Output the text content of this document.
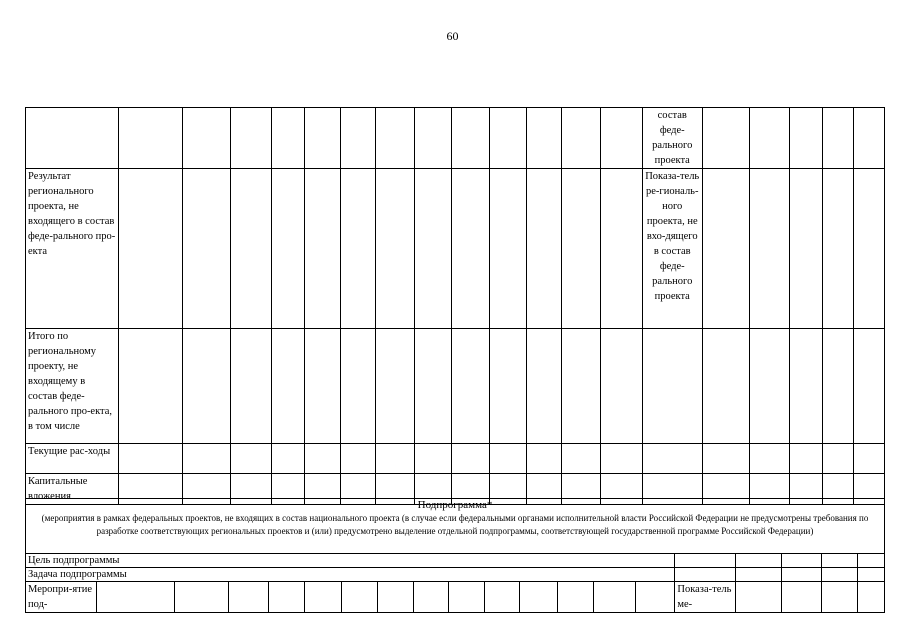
60
														состав феде-рального проекта					
Результат регионального проекта, не входящего в состав феде-рального про-екта														Показа-тель ре-гиональ-ного проекта, не вхо-дящего в состав феде-рального проекта					
Итого по региональному проекту, не входящему в состав феде-рального про-екта, в том числе																			
Текущие рас-ходы																			
Капитальные вложения																			
Подпрограмма*
(мероприятия в рамках федеральных проектов, не входящих в состав национального проекта (в случае если федеральными органами исполнительной власти Российской Федерации не предусмотрены требования по разработке соответствующих региональных проектов и (или) предусмотрено выделение отдельной подпрограммы, соответствующей государственной программе Российской Федерации)																			

Цель подпрограммы																			
Задача подпрограммы																			
Меропри-ятие под-															Показа-тель ме-				
